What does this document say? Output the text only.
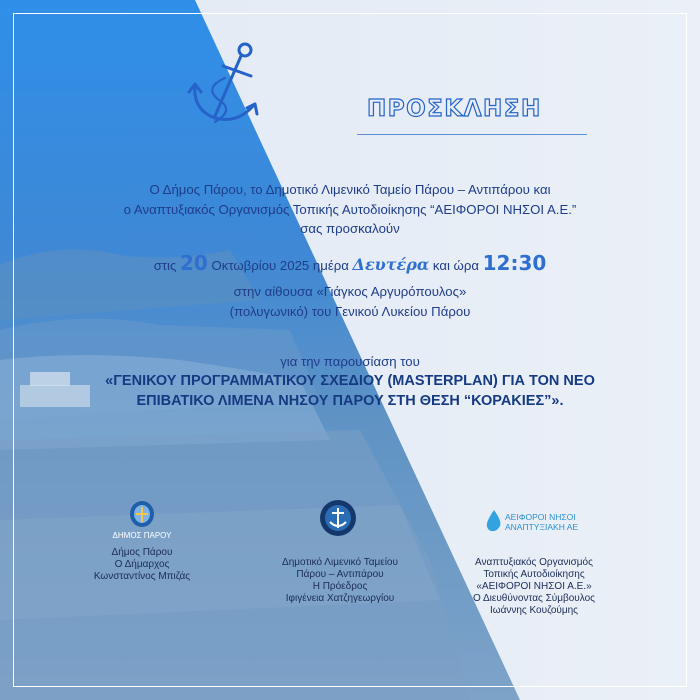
ΠΡΟΣΚΛΗΣΗ
Ο Δήμος Πάρου, το Δημοτικό Λιμενικό Ταμείο Πάρου – Αντιπάρου και
ο Αναπτυξιακός Οργανισμός Τοπικής Αυτοδιοίκησης “ΑΕΙΦΟΡΟΙ ΝΗΣΟΙ Α.Ε.”
σας προσκαλούν
στις 20 Οκτωβρίου 2025 ημέρα Δευτέρα και ώρα 12:30
στην αίθουσα «Γιάγκος Αργυρόπουλος»
(πολυγωνικό) του Γενικού Λυκείου Πάρου
για την παρουσίαση του
«ΓΕΝΙΚΟΥ ΠΡΟΓΡΑΜΜΑΤΙΚΟΥ ΣΧΕΔΙΟΥ (MASTERPLAN) ΓΙΑ ΤΟΝ ΝΕΟ
ΕΠΙΒΑΤΙΚΟ ΛΙΜΕΝΑ ΝΗΣΟΥ ΠΑΡΟΥ ΣΤΗ ΘΕΣΗ “ΚΟΡΑΚΙΕΣ”».
ΔΗΜΟΣ ΠΑΡΟΥ
Δήμος Πάρου
Ο Δήμαρχος
Κωνσταντίνος Μπιζάς
Δημοτικό Λιμενικό Ταμείου
Πάρου – Αντιπάρου
Η Πρόεδρος
Ιφιγένεια Χατζηγεωργίου
ΑΕΙΦΟΡΟΙ ΝΗΣΟΙ
ΑΝΑΠΤΥΞΙΑΚΗ ΑΕ
Αναπτυξιακός Οργανισμός
Τοπικής Αυτοδιοίκησης
«ΑΕΙΦΟΡΟΙ ΝΗΣΟΙ Α.Ε.»
Ο Διευθύνοντας Σύμβουλος
Ιωάννης Κουζούμης
